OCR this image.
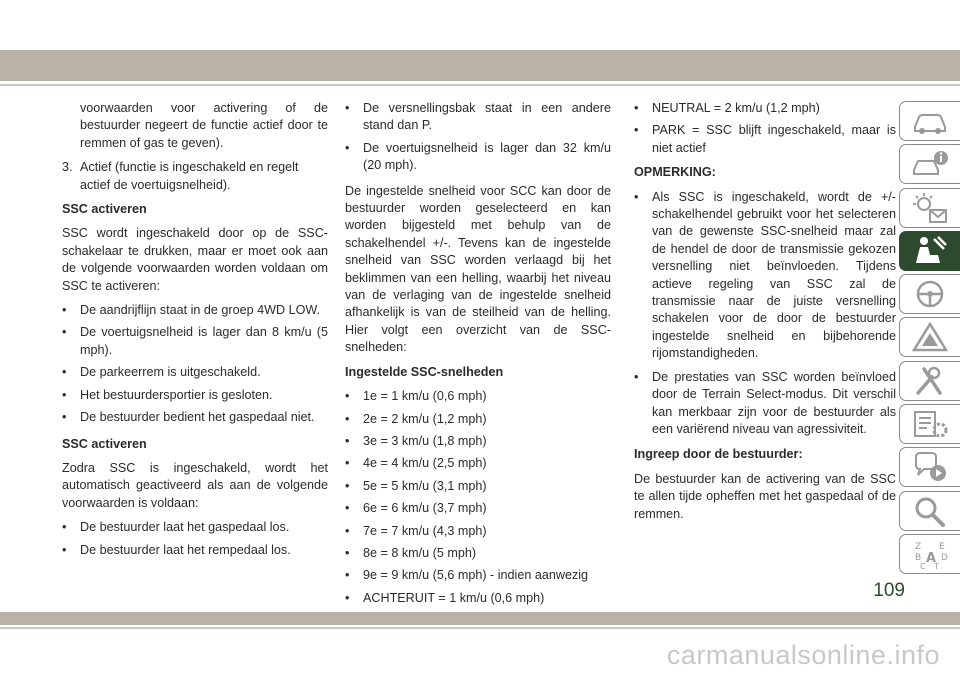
voorwaarden voor activering of de bestuurder negeert de functie actief door te remmen of gas te geven).

3. Actief (functie is ingeschakeld en regelt actief de voertuigsnelheid).

SSC activeren

SSC wordt ingeschakeld door op de SSC-schakelaar te drukken, maar er moet ook aan de volgende voorwaarden worden voldaan om SSC te activeren:

• De aandrijflijn staat in de groep 4WD LOW.
• De voertuigsnelheid is lager dan 8 km/u (5 mph).
• De parkeerrem is uitgeschakeld.
• Het bestuurdersportier is gesloten.
• De bestuurder bedient het gaspedaal niet.

SSC activeren

Zodra SSC is ingeschakeld, wordt het automatisch geactiveerd als aan de volgende voorwaarden is voldaan:

• De bestuurder laat het gaspedaal los.
• De bestuurder laat het rempedaal los.
• De versnellingsbak staat in een andere stand dan P.
• De voertuigsnelheid is lager dan 32 km/u (20 mph).

De ingestelde snelheid voor SCC kan door de bestuurder worden geselecteerd en kan worden bijgesteld met behulp van de schakelhendel +/-. Tevens kan de ingestelde snelheid van SSC worden verlaagd bij het beklimmen van een helling, waarbij het niveau van de verlaging van de ingestelde snelheid afhankelijk is van de steilheid van de helling. Hier volgt een overzicht van de SSC-snelheden:

Ingestelde SSC-snelheden

• 1e = 1 km/u (0,6 mph)
• 2e = 2 km/u (1,2 mph)
• 3e = 3 km/u (1,8 mph)
• 4e = 4 km/u (2,5 mph)
• 5e = 5 km/u (3,1 mph)
• 6e = 6 km/u (3,7 mph)
• 7e = 7 km/u (4,3 mph)
• 8e = 8 km/u (5 mph)
• 9e = 9 km/u (5,6 mph) - indien aanwezig
• ACHTERUIT = 1 km/u (0,6 mph)
• NEUTRAL = 2 km/u (1,2 mph)
• PARK = SSC blijft ingeschakeld, maar is niet actief

OPMERKING:

• Als SSC is ingeschakeld, wordt de +/- schakelhendel gebruikt voor het selecteren van de gewenste SSC-snelheid maar zal de hendel de door de transmissie gekozen versnelling niet beïnvloeden. Tijdens actieve regeling van SSC zal de transmissie naar de juiste versnelling schakelen voor de door de bestuurder ingestelde snelheid en bijbehorende rijomstandigheden.
• De prestaties van SSC worden beïnvloed door de Terrain Select-modus. Dit verschil kan merkbaar zijn voor de bestuurder als een variërend niveau van agressiviteit.

Ingreep door de bestuurder:

De bestuurder kan de activering van de SSC te allen tijde opheffen met het gaspedaal of de remmen.

Z E
B A D
C T
109
carmanualsonline.info
